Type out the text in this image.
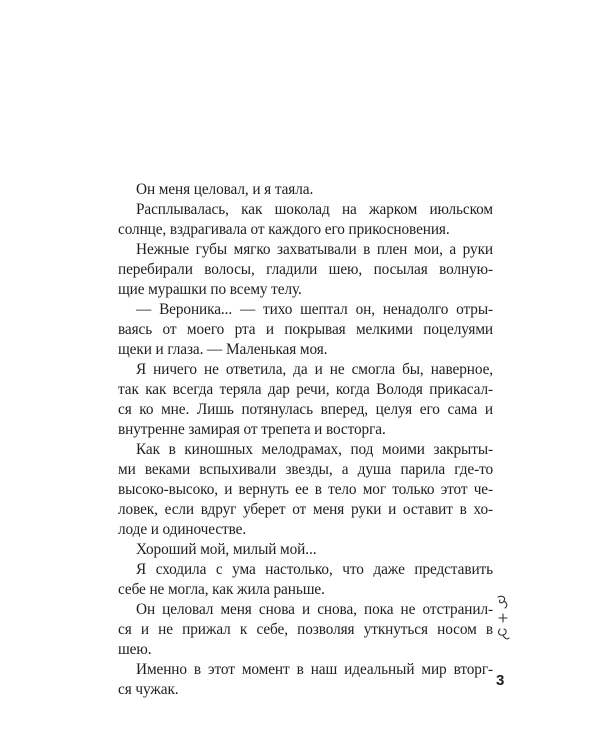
Он меня целовал, и я таяла.
Расплывалась, как шоколад на жарком июльском
солнце, вздрагивала от каждого его прикосновения.
Нежные губы мягко захватывали в плен мои, а руки
перебирали волосы, гладили шею, посылая волную-
щие мурашки по всему телу.
— Вероника... — тихо шептал он, ненадолго отры-
ваясь от моего рта и покрывая мелкими поцелуями
щеки и глаза. — Маленькая моя.
Я ничего не ответила, да и не смогла бы, наверное,
так как всегда теряла дар речи, когда Володя прикасал-
ся ко мне. Лишь потянулась вперед, целуя его сама и
внутренне замирая от трепета и восторга.
Как в киношных мелодрамах, под моими закрыты-
ми веками вспыхивали звезды, а душа парила где-то
высоко-высоко, и вернуть ее в тело мог только этот че-
ловек, если вдруг уберет от меня руки и оставит в хо-
лоде и одиночестве.
Хороший мой, милый мой...
Я сходила с ума настолько, что даже представить
себе не могла, как жила раньше.
Он целовал меня снова и снова, пока не отстранил-
ся и не прижал к себе, позволяя уткнуться носом в
шею.
Именно в этот момент в наш идеальный мир вторг-
ся чужак.
3
